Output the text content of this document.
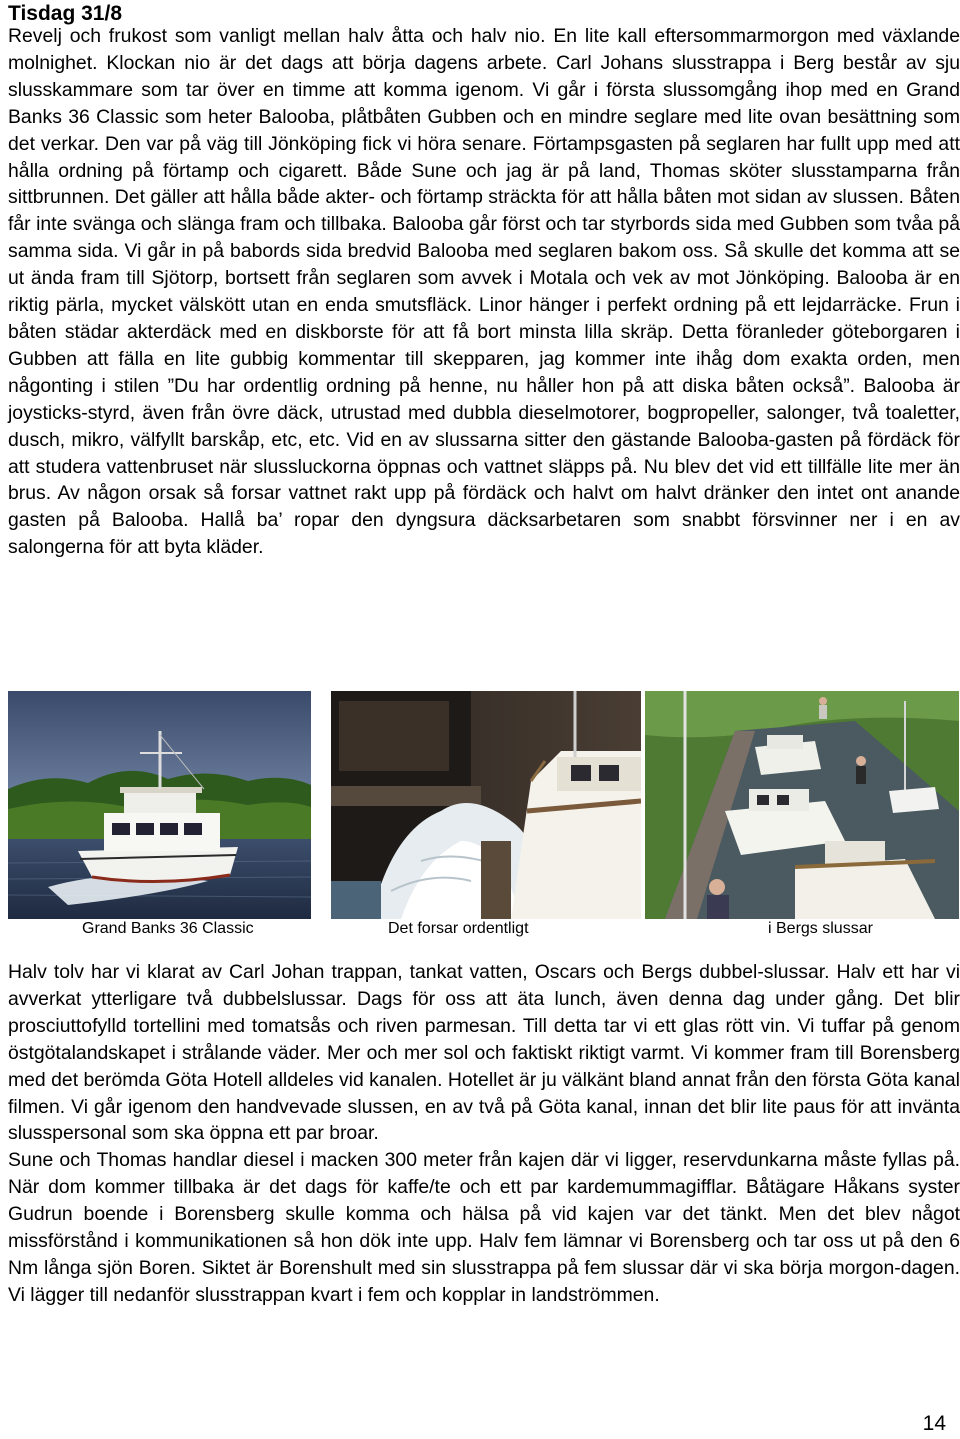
Tisdag 31/8

Revelj och frukost som vanligt mellan halv åtta och halv nio. En lite kall eftersommarmorgon med växlande molnighet. Klockan nio är det dags att börja dagens arbete. Carl Johans slusstrappa i Berg består av sju slusskammare som tar över en timme att komma igenom. Vi går i första slussomgång ihop med en Grand Banks 36 Classic som heter Balooba, plåtbåten Gubben och en mindre seglare med lite ovan besättning som det verkar. Den var på väg till Jönköping fick vi höra senare. Förtampsgasten på seglaren har fullt upp med att hålla ordning på förtamp och cigarett. Både Sune och jag är på land, Thomas sköter slusstamparna från sittbrunnen. Det gäller att hålla både akter- och förtamp sträckta för att hålla båten mot sidan av slussen. Båten får inte svänga och slänga fram och tillbaka. Balooba går först och tar styrbords sida med Gubben som tvåa på samma sida. Vi går in på babords sida bredvid Balooba med seglaren bakom oss. Så skulle det komma att se ut ända fram till Sjötorp, bortsett från seglaren som avvek i Motala och vek av mot Jönköping. Balooba är en riktig pärla, mycket välskött utan en enda smutsfläck. Linor hänger i perfekt ordning på ett lejdarräcke. Frun i båten städar akterdäck med en diskborste för att få bort minsta lilla skräp. Detta föranleder göteborgaren i Gubben att fälla en lite gubbig kommentar till skepparen, jag kommer inte ihåg dom exakta orden, men någonting i stilen ”Du har ordentlig ordning på henne, nu håller hon på att diska båten också”. Balooba är joysticks-styrd, även från övre däck, utrustad med dubbla dieselmotorer, bogpropeller, salonger, två toaletter, dusch, mikro, välfyllt barskåp, etc, etc. Vid en av slussarna sitter den gästande Balooba-gasten på fördäck för att studera vattenbruset när slussluckorna öppnas och vattnet släpps på. Nu blev det vid ett tillfälle lite mer än brus. Av någon orsak så forsar vattnet rakt upp på fördäck och halvt om halvt dränker den intet ont anande gasten på Balooba. Hallå ba’ ropar den dyngsura däcksarbetaren som snabbt försvinner ner i en av salongerna för att byta kläder.

Grand Banks 36 Classic	Det forsar ordentligt	i Bergs slussar
Halv tolv har vi klarat av Carl Johan trappan, tankat vatten, Oscars och Bergs dubbel-slussar. Halv ett har vi avverkat ytterligare två dubbelslussar. Dags för oss att äta lunch, även denna dag under gång. Det blir prosciuttofylld tortellini med tomatsås och riven parmesan. Till detta tar vi ett glas rött vin. Vi tuffar på genom östgötalandskapet i strålande väder. Mer och mer sol och faktiskt riktigt varmt. Vi kommer fram till Borensberg med det berömda Göta Hotell alldeles vid kanalen. Hotellet är ju välkänt bland annat från den första Göta kanal filmen. Vi går igenom den handvevade slussen, en av två på Göta kanal, innan det blir lite paus för att invänta slusspersonal som ska öppna ett par broar.
Sune och Thomas handlar diesel i macken 300 meter från kajen där vi ligger, reservdunkarna måste fyllas på. När dom kommer tillbaka är det dags för kaffe/te och ett par kardemummagifflar. Båtägare Håkans syster Gudrun boende i Borensberg skulle komma och hälsa på vid kajen var det tänkt. Men det blev något missförstånd i kommunikationen så hon dök inte upp. Halv fem lämnar vi Borensberg och tar oss ut på den 6 Nm långa sjön Boren. Siktet är Borenshult med sin slusstrappa på fem slussar där vi ska börja morgon-dagen. Vi lägger till nedanför slusstrappan kvart i fem och kopplar in landströmmen.
14
